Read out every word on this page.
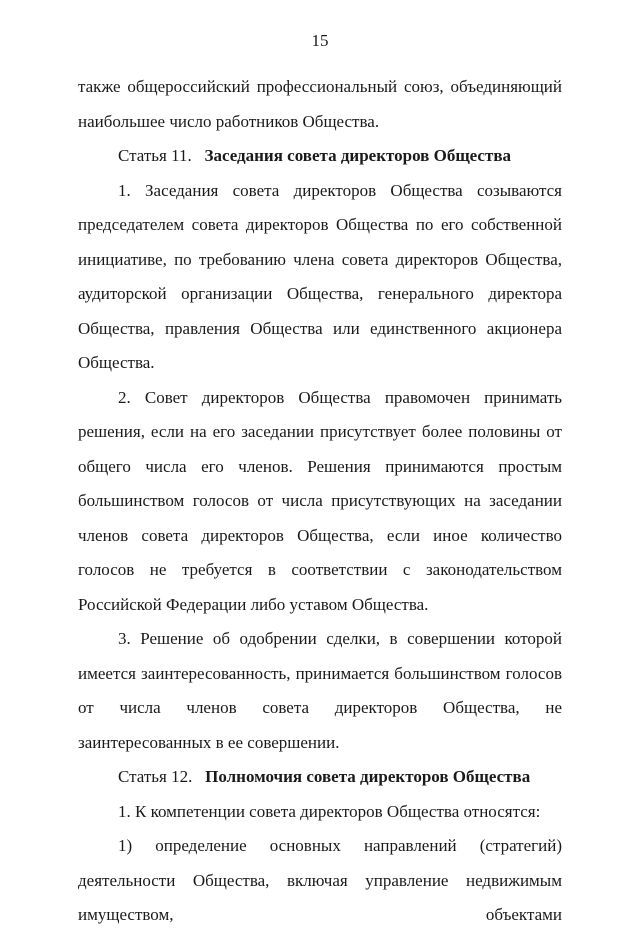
15

также общероссийский профессиональный союз, объединяющий наибольшее число работников Общества.

Статья 11. Заседания совета директоров Общества

1. Заседания совета директоров Общества созываются председателем совета директоров Общества по его собственной инициативе, по требованию члена совета директоров Общества, аудиторской организации Общества, генерального директора Общества, правления Общества или единственного акционера Общества.

2. Совет директоров Общества правомочен принимать решения, если на его заседании присутствует более половины от общего числа его членов. Решения принимаются простым большинством голосов от числа присутствующих на заседании членов совета директоров Общества, если иное количество голосов не требуется в соответствии с законодательством Российской Федерации либо уставом Общества.

3. Решение об одобрении сделки, в совершении которой имеется заинтересованность, принимается большинством голосов от числа членов совета директоров Общества, не заинтересованных в ее совершении.

Статья 12. Полномочия совета директоров Общества

1. К компетенции совета директоров Общества относятся:

1) определение основных направлений (стратегий) деятельности Общества, включая управление недвижимым имуществом, объектами
